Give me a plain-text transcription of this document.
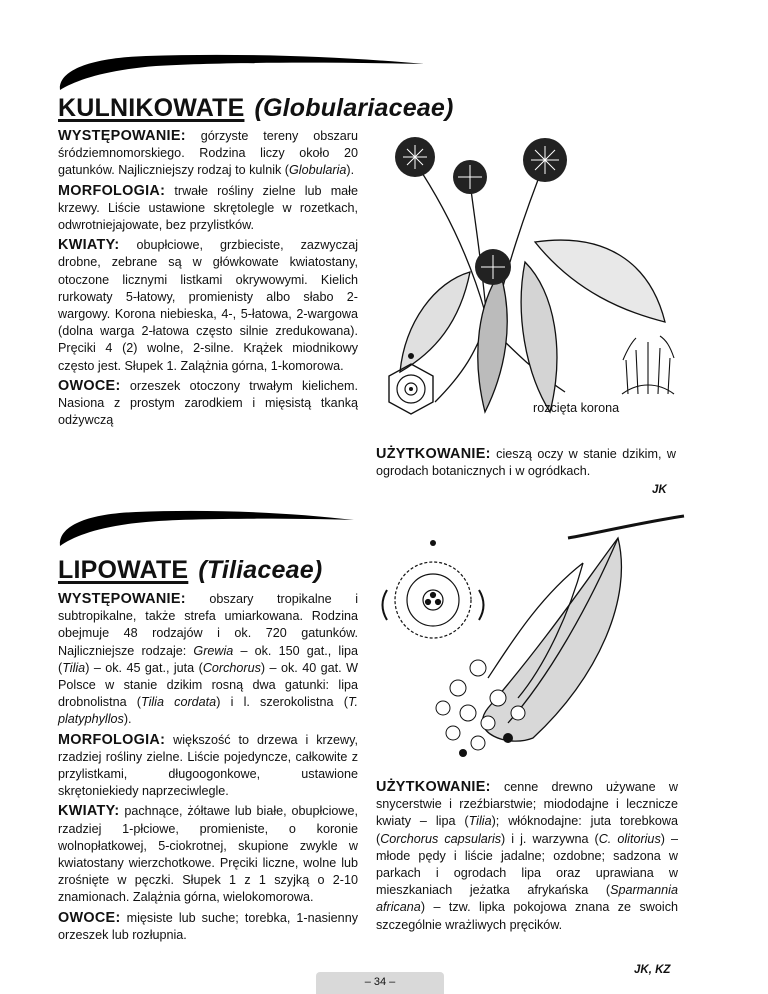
KULNIKOWATE (Globulariaceae)

WYSTĘPOWANIE: górzyste tereny obszaru śródziemnomorskiego. Rodzina liczy około 20 gatunków. Najliczniejszy rodzaj to kulnik (Globularia).

MORFOLOGIA: trwałe rośliny zielne lub małe krzewy. Liście ustawione skrętolegle w rozetkach, odwrotniejajowate, bez przylistków.

KWIATY: obupłciowe, grzbieciste, zazwyczaj drobne, zebrane są w główkowate kwiatostany, otoczone licznymi listkami okrywowymi. Kielich rurkowaty 5-łatowy, promienisty albo słabo 2-wargowy. Korona niebieska, 4-, 5-łatowa, 2-wargowa (dolna warga 2-łatowa często silnie zredukowana). Pręciki 4 (2) wolne, 2-silne. Krążek miodnikowy często jest. Słupek 1. Zalążnia górna, 1-komorowa.

OWOCE: orzeszek otoczony trwałym kielichem. Nasiona z prostym zarodkiem i mięsistą tkanką odżywczą

rozcięta korona

UŻYTKOWANIE: cieszą oczy w stanie dzikim, w ogrodach botanicznych i w ogródkach.

JK
LIPOWATE (Tiliaceae)

WYSTĘPOWANIE: obszary tropikalne i subtropikalne, także strefa umiarkowana. Rodzina obejmuje 48 rodzajów i ok. 720 gatunków. Najliczniejsze rodzaje: Grewia – ok. 150 gat., lipa (Tilia) – ok. 45 gat., juta (Corchorus) – ok. 40 gat. W Polsce w stanie dzikim rosną dwa gatunki: lipa drobnolistna (Tilia cordata) i l. szerokolistna (T. platyphyllos).

MORFOLOGIA: większość to drzewa i krzewy, rzadziej rośliny zielne. Liście pojedyncze, całkowite z przylistkami, długoogonkowe, ustawione skrętoniekiedy naprzeciwlegle.

KWIATY: pachnące, żółtawe lub białe, obupłciowe, rzadziej 1-płciowe, promieniste, o koronie wolnopłatkowej, 5-ciokrotnej, skupione zwykle w kwiatostany wierzchotkowe. Pręciki liczne, wolne lub zrośnięte w pęczki. Słupek 1 z 1 szyjką o 2-10 znamionach. Zalążnia górna, wielokomorowa.

OWOCE: mięsiste lub suche; torebka, 1-nasienny orzeszek lub rozłupnia.

UŻYTKOWANIE: cenne drewno używane w snycerstwie i rzeźbiarstwie; miododajne i lecznicze kwiaty – lipa (Tilia); włóknodajne: juta torebkowa (Corchorus capsularis) i j. warzywna (C. olitorius) – młode pędy i liście jadalne; ozdobne; sadzona w parkach i ogrodach lipa oraz uprawiana w mieszkaniach jeżatka afrykańska (Sparmannia africana) – tzw. lipka pokojowa znana ze swoich szczególnie wrażliwych pręcików.

JK, KZ
– 34 –
